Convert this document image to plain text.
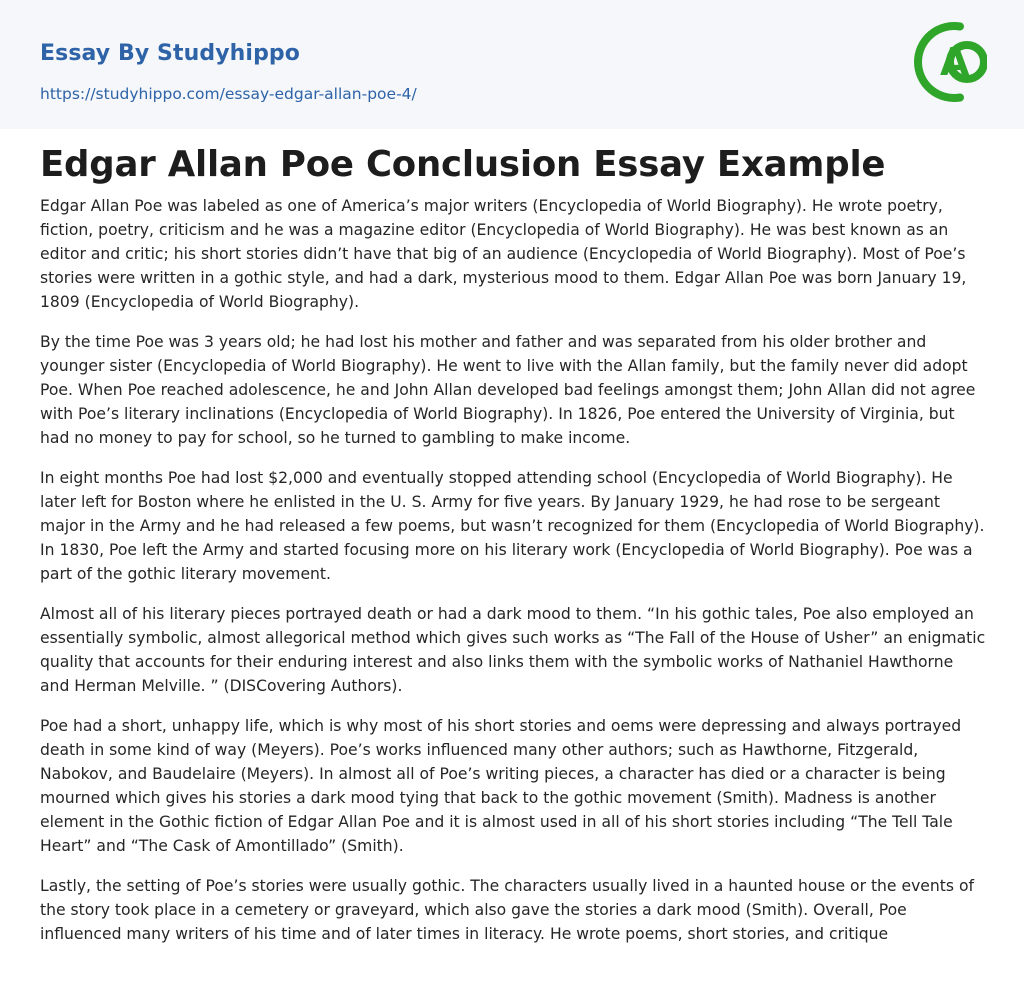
Essay By Studyhippo
https://studyhippo.com/essay-edgar-allan-poe-4/
A
Edgar Allan Poe Conclusion Essay Example

Edgar Allan Poe was labeled as one of America’s major writers (Encyclopedia of World Biography). He wrote poetry, fiction, poetry, criticism and he was a magazine editor (Encyclopedia of World Biography). He was best known as an editor and critic; his short stories didn’t have that big of an audience (Encyclopedia of World Biography). Most of Poe’s stories were written in a gothic style, and had a dark, mysterious mood to them. Edgar Allan Poe was born January 19, 1809 (Encyclopedia of World Biography).

By the time Poe was 3 years old; he had lost his mother and father and was separated from his older brother and younger sister (Encyclopedia of World Biography). He went to live with the Allan family, but the family never did adopt Poe. When Poe reached adolescence, he and John Allan developed bad feelings amongst them; John Allan did not agree with Poe’s literary inclinations (Encyclopedia of World Biography). In 1826, Poe entered the University of Virginia, but had no money to pay for school, so he turned to gambling to make income.

In eight months Poe had lost $2,000 and eventually stopped attending school (Encyclopedia of World Biography). He later left for Boston where he enlisted in the U. S. Army for five years. By January 1929, he had rose to be sergeant major in the Army and he had released a few poems, but wasn’t recognized for them (Encyclopedia of World Biography). In 1830, Poe left the Army and started focusing more on his literary work (Encyclopedia of World Biography). Poe was a part of the gothic literary movement.

Almost all of his literary pieces portrayed death or had a dark mood to them. “In his gothic tales, Poe also employed an essentially symbolic, almost allegorical method which gives such works as “The Fall of the House of Usher” an enigmatic quality that accounts for their enduring interest and also links them with the symbolic works of Nathaniel Hawthorne and Herman Melville. ” (DISCovering Authors).

Poe had a short, unhappy life, which is why most of his short stories and oems were depressing and always portrayed death in some kind of way (Meyers). Poe’s works influenced many other authors; such as Hawthorne, Fitzgerald, Nabokov, and Baudelaire (Meyers). In almost all of Poe’s writing pieces, a character has died or a character is being mourned which gives his stories a dark mood tying that back to the gothic movement (Smith). Madness is another element in the Gothic fiction of Edgar Allan Poe and it is almost used in all of his short stories including “The Tell Tale Heart” and “The Cask of Amontillado” (Smith).

Lastly, the setting of Poe’s stories were usually gothic. The characters usually lived in a haunted house or the events of the story took place in a cemetery or graveyard, which also gave the stories a dark mood (Smith). Overall, Poe influenced many writers of his time and of later times in literacy. He wrote poems, short stories, and critique
